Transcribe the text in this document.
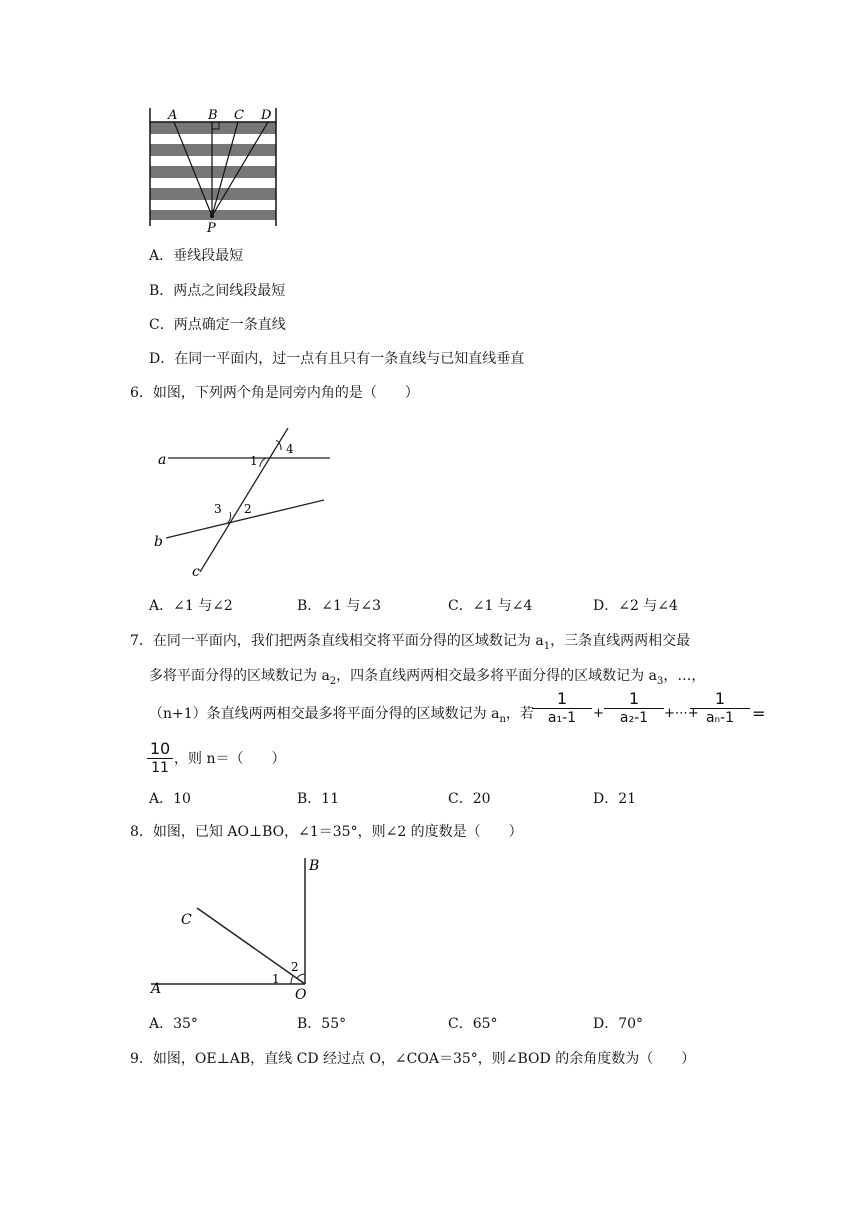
A B C D
P
A．垂线段最短
B．两点之间线段最短
C．两点确定一条直线
D．在同一平面内，过一点有且只有一条直线与已知直线垂直
6．如图，下列两个角是同旁内角的是（　　）
a
b
c
1
2
3
4
A．∠1 与∠2	B．∠1 与∠3	C．∠1 与∠4	D．∠2 与∠4
7．在同一平面内，我们把两条直线相交将平面分得的区域数记为 $a_1$，三条直线两两相交最
多将平面分得的区域数记为 $a_2$，四条直线两两相交最多将平面分得的区域数记为 $a_3$，…，
（n+1）条直线两两相交最多将平面分得的区域数记为 $a_n$，若
1
a₁-1	+
1
a₂-1	+⋯+
1
aₙ-1	=
10
11
，则 n＝（　　）
A．10	B．11	C．20	D．21
8．如图，已知 AO⊥BO，∠1＝35°，则∠2 的度数是（　　）
B
C
A	O
1
2
A．35°	B．55°	C．65°	D．70°
9．如图，OE⊥AB，直线 CD 经过点 O，∠COA＝35°，则∠BOD 的余角度数为（　　）
